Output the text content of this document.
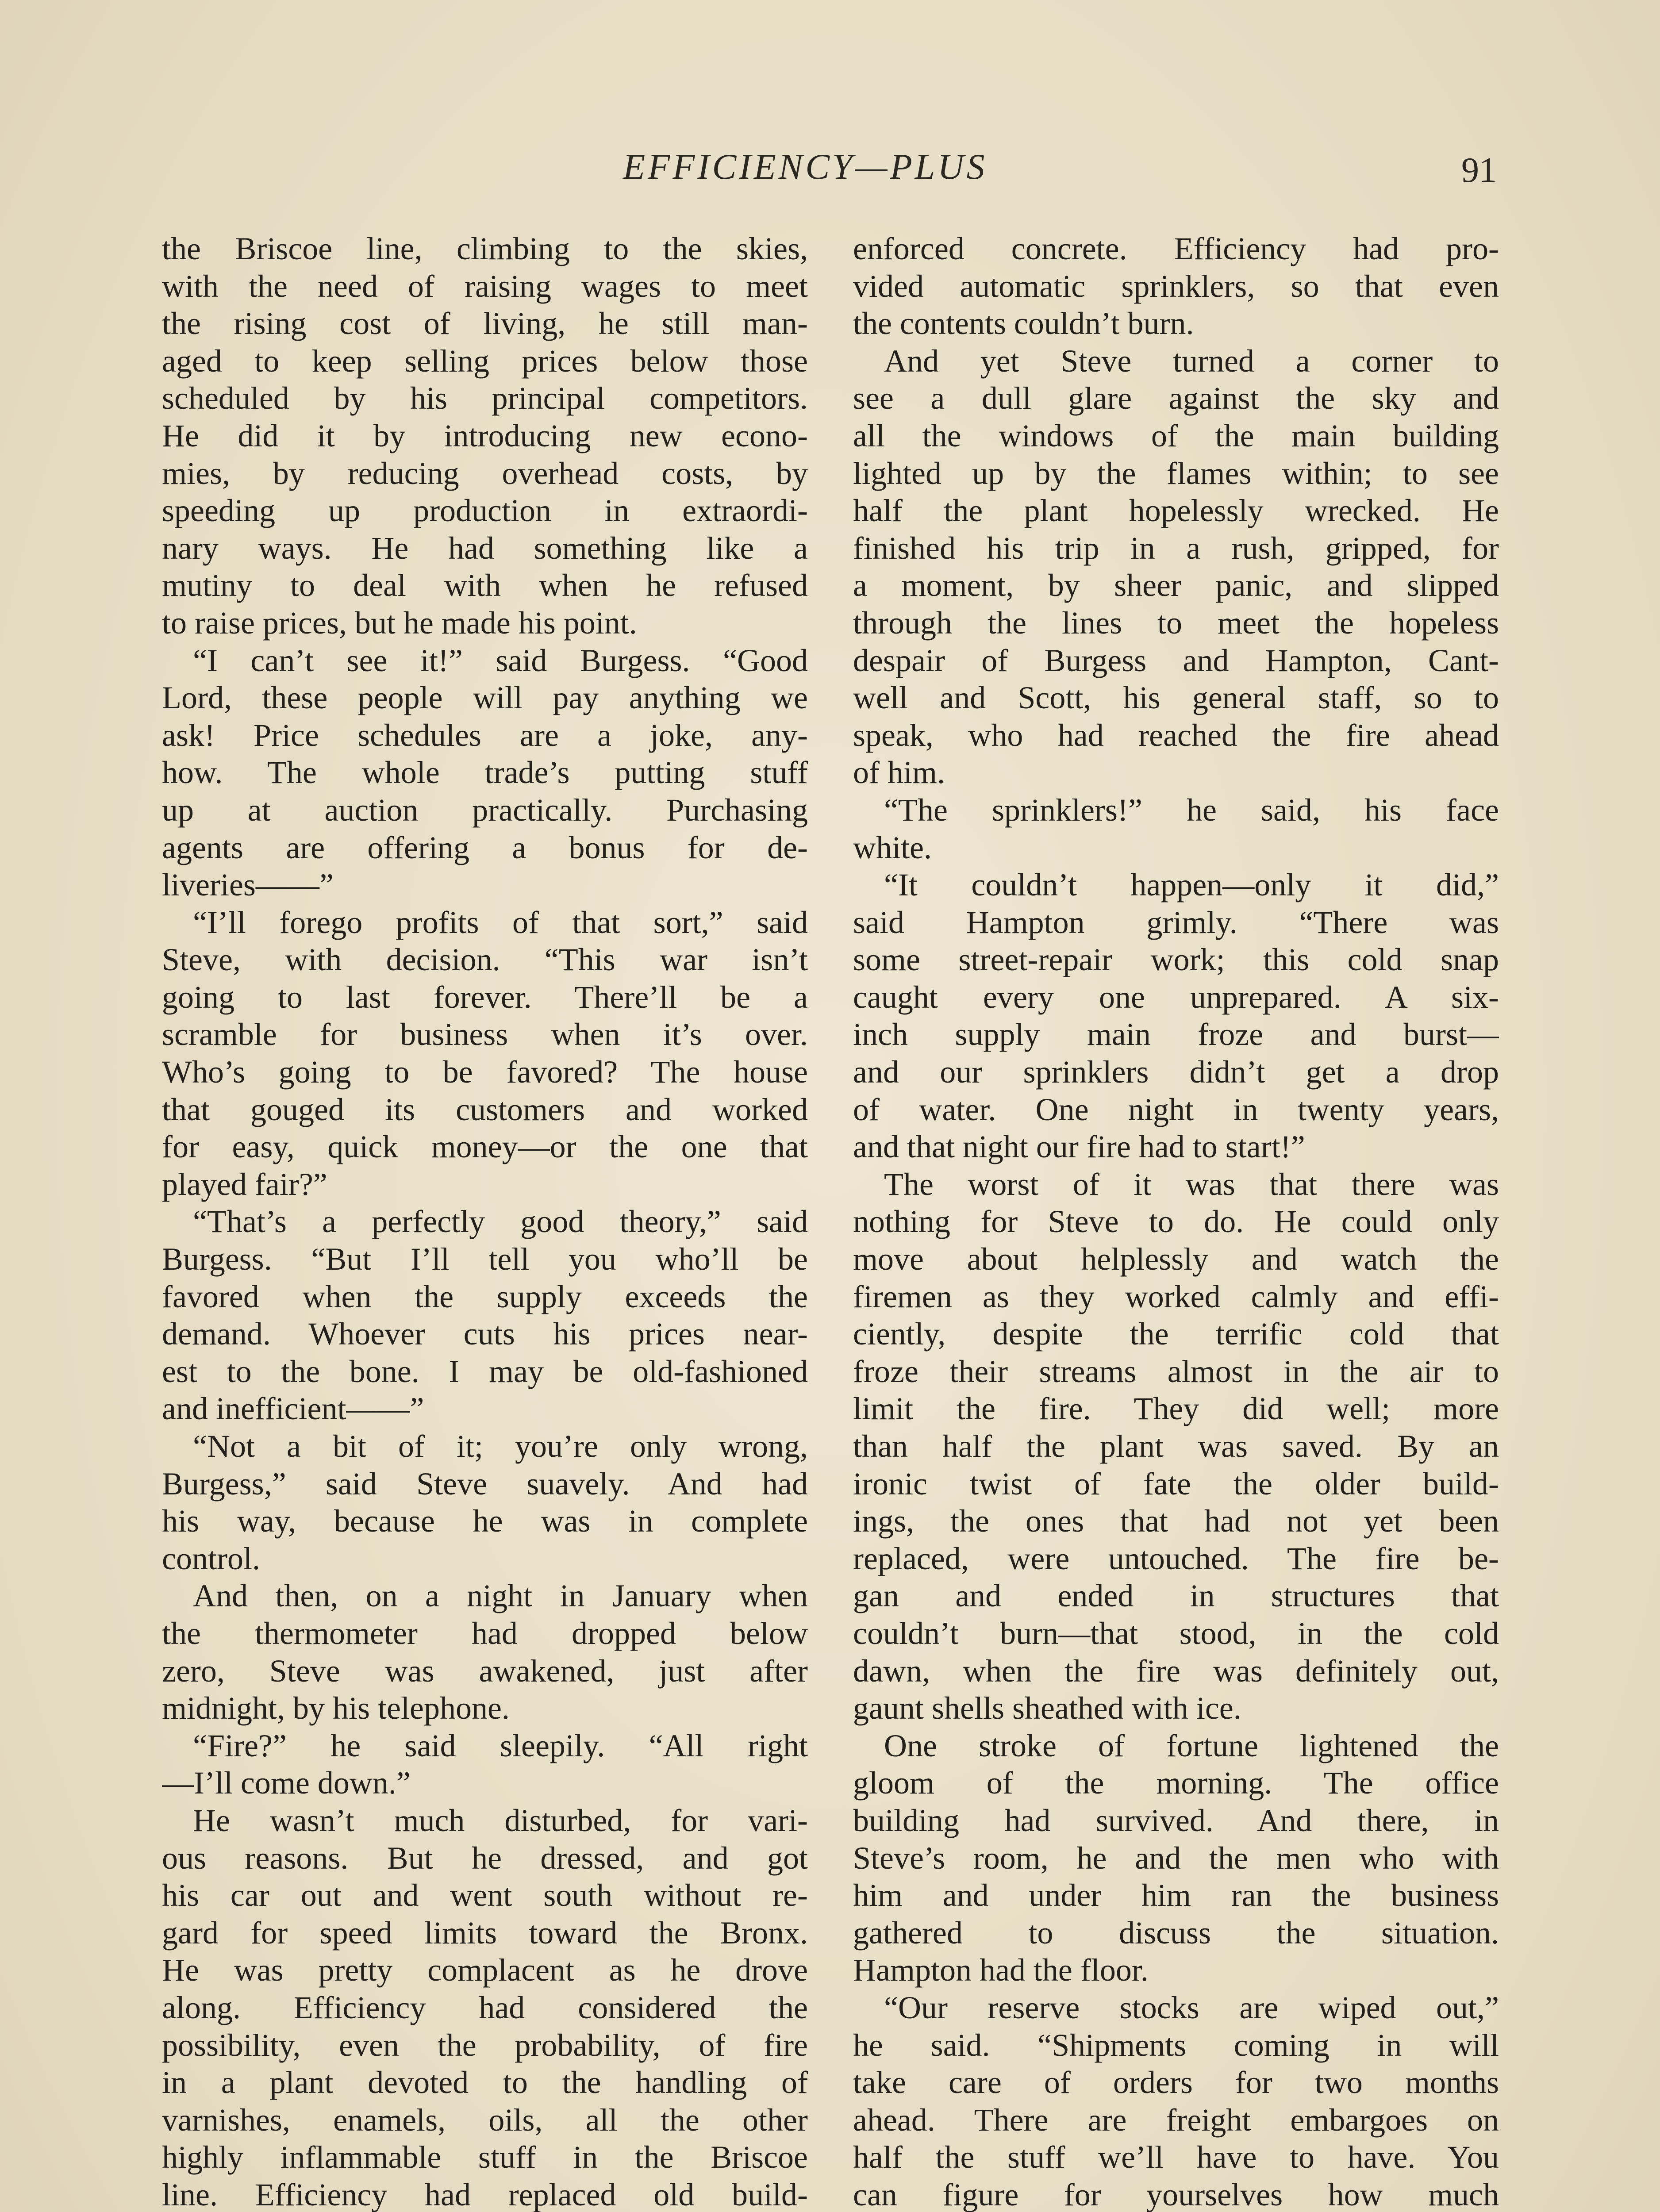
EFFICIENCY—PLUS	91
the Briscoe line, climbing to the skies,
with the need of raising wages to meet
the rising cost of living, he still man-
aged to keep selling prices below those
scheduled by his principal competitors.
He did it by introducing new econo-
mies, by reducing overhead costs, by
speeding up production in extraordi-
nary ways. He had something like a
mutiny to deal with when he refused
to raise prices, but he made his point.
“I can’t see it!” said Burgess. “Good
Lord, these people will pay anything we
ask! Price schedules are a joke, any-
how. The whole trade’s putting stuff
up at auction practically. Purchasing
agents are offering a bonus for de-
liveries——”
“I’ll forego profits of that sort,” said
Steve, with decision. “This war isn’t
going to last forever. There’ll be a
scramble for business when it’s over.
Who’s going to be favored? The house
that gouged its customers and worked
for easy, quick money—or the one that
played fair?”
“That’s a perfectly good theory,” said
Burgess. “But I’ll tell you who’ll be
favored when the supply exceeds the
demand. Whoever cuts his prices near-
est to the bone. I may be old-fashioned
and inefficient——”
“Not a bit of it; you’re only wrong,
Burgess,” said Steve suavely. And had
his way, because he was in complete
control.
And then, on a night in January when
the thermometer had dropped below
zero, Steve was awakened, just after
midnight, by his telephone.
“Fire?” he said sleepily. “All right
—I’ll come down.”
He wasn’t much disturbed, for vari-
ous reasons. But he dressed, and got
his car out and went south without re-
gard for speed limits toward the Bronx.
He was pretty complacent as he drove
along. Efficiency had considered the
possibility, even the probability, of fire
in a plant devoted to the handling of
varnishes, enamels, oils, all the other
highly inflammable stuff in the Briscoe
line. Efficiency had replaced old build-
enforced concrete. Efficiency had pro-
vided automatic sprinklers, so that even
the contents couldn’t burn.
And yet Steve turned a corner to
see a dull glare against the sky and
all the windows of the main building
lighted up by the flames within; to see
half the plant hopelessly wrecked. He
finished his trip in a rush, gripped, for
a moment, by sheer panic, and slipped
through the lines to meet the hopeless
despair of Burgess and Hampton, Cant-
well and Scott, his general staff, so to
speak, who had reached the fire ahead
of him.
“The sprinklers!” he said, his face
white.
“It couldn’t happen—only it did,”
said Hampton grimly. “There was
some street-repair work; this cold snap
caught every one unprepared. A six-
inch supply main froze and burst—
and our sprinklers didn’t get a drop
of water. One night in twenty years,
and that night our fire had to start!”
The worst of it was that there was
nothing for Steve to do. He could only
move about helplessly and watch the
firemen as they worked calmly and effi-
ciently, despite the terrific cold that
froze their streams almost in the air to
limit the fire. They did well; more
than half the plant was saved. By an
ironic twist of fate the older build-
ings, the ones that had not yet been
replaced, were untouched. The fire be-
gan and ended in structures that
couldn’t burn—that stood, in the cold
dawn, when the fire was definitely out,
gaunt shells sheathed with ice.
One stroke of fortune lightened the
gloom of the morning. The office
building had survived. And there, in
Steve’s room, he and the men who with
him and under him ran the business
gathered to discuss the situation.
Hampton had the floor.
“Our reserve stocks are wiped out,”
he said. “Shipments coming in will
take care of orders for two months
ahead. There are freight embargoes on
half the stuff we’ll have to have. You
can figure for yourselves how much
